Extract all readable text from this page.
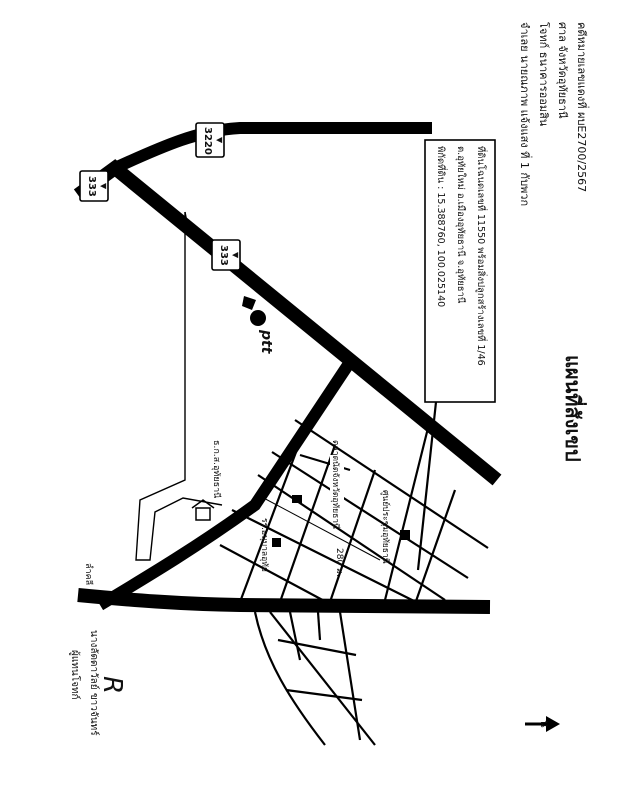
แผนที่สังเขป
คดีหมายเลขแดงที่ ผบE2700/2567
ศาล จังหวัดอุทัยธานี
โจทก์ ธนาคารออมสิน
จำเลย นายณภาพ แจ้งแสง ที่ 1 กับพวก
ที่ดินโฉนดเลขที่ 11550 พร้อมสิ่งปลูกสร้างเลขที่ 1/46
ต.อุทัยใหม่ อ.เมืองอุทัยธานี จ.อุทัยธานี
พิกัดที่ดิน : 15.388760, 100.025140
3220 ▼
333 ▼
333 ▼
ptt
ธ.ก.ส.อุทัยธานี	ตลาดนัดจังหวัดอุทัยธานี
รร.อนุบาลอุทัย	ศูนย์ประชุมอุทัยธานี
280 ม.
ลำคลี
น
R
นางลัดดาวัลย์ ขาวจันทร์
ผู้แทนโจทก์
